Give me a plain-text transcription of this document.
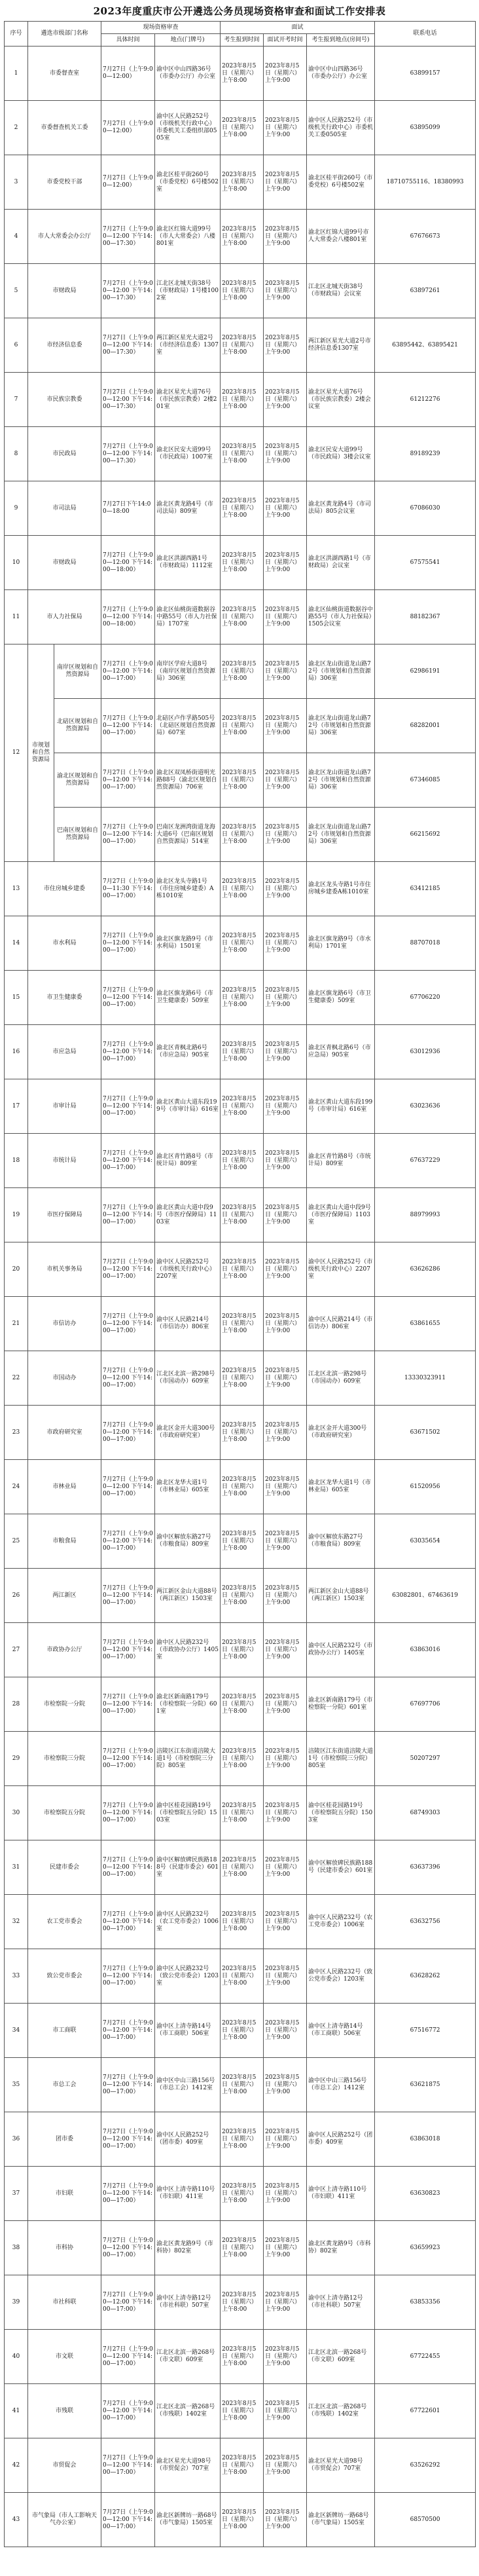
2023年度重庆市公开遴选公务员现场资格审查和面试工作安排表
序号	遴选市级部门名称		现场资格审查		面试			联系电话
			具体时间	地点(门牌号)	考生报到时间	面试开考时间	考生报到地点(房间号)	
1	市委督查室		7月27日（上午9:00—12:00）	渝中区中山四路36号（市委办公厅）办公室	2023年8月5日（星期六）上午8:00	2023年8月5日（星期六）上午9:00	渝中区中山四路36号（市委办公厅）办公室	63899157
2	市委督查机关工委		7月27日（上午9:00—12:00）	渝中区人民路252号（市级机关行政中心）市委机关工委组织部0505室	2023年8月5日（星期六）上午8:00	2023年8月5日（星期六）上午9:00	渝中区人民路252号（市级机关行政中心）市委机关工委0505室	63895099
3	市委党校干部		7月27日（上午9:00—12:00）	渝北区桂平街260号（市委党校）6号楼502室	2023年8月5日（星期六）上午8:00	2023年8月5日（星期六）上午9:00	渝北区桂平街260号（市委党校）6号楼502室	18710755116、18380993
4	市人大常委会办公厅		7月27日（上午9:00—12:00 下午14:00—17:30）	渝北区红锦大道99号（市人大常委会）八楼801室	2023年8月5日（星期六）上午8:00	2023年8月5日（星期六）上午9:00	渝北区红锦大道99号市人大常委会八楼801室	67676673
5	市财政局		7月27日（上午9:00—12:00 下午14:00—17:30）	江北区北城天街38号（市财政局）1号楼1002室	2023年8月5日（星期六）上午8:00	2023年8月5日（星期六）上午9:00	江北区北城天街38号（市财政局）会议室	63897261
6	市经济信息委		7月27日（上午9:00—12:00 下午14:00—17:30）	两江新区星光大道2号（市经济信息委）1307室	2023年8月5日（星期六）上午8:00	2023年8月5日（星期六）上午9:00	两江新区星光大道2号市经济信息委1307室	63895442、63895421
7	市民族宗教委		7月27日（上午9:00—12:00 下午14:00—17:30）	渝北区星光大道76号（市民族宗教委）2楼201室	2023年8月5日（星期六）上午8:00	2023年8月5日（星期六）上午9:00	渝北区星光大道76号（市民族宗教委）2楼会议室	61212276
8	市民政局		7月27日（上午9:00—12:00 下午14:00—17:30）	渝北区民安大道99号（市民政局）1007室	2023年8月5日（星期六）上午8:00	2023年8月5日（星期六）上午9:00	渝北区民安大道99号（市民政局）3楼会议室	89189239
9	市司法局		7月27日下午14:00—18:00	渝北区黄龙路4号（市司法局）809室	2023年8月5日（星期六）上午8:00	2023年8月5日（星期六）上午9:00	渝北区黄龙路4号（市司法局）805会议室	67086030
10	市财政局		7月27日（上午9:00—12:00 下午14:00—18:00）	渝北区洪湖西路1号（市财政局）1112室	2023年8月5日（星期六）上午8:00	2023年8月5日（星期六）上午9:00	渝北区洪湖西路1号（市财政局）会议室	67575541
11	市人力社保局		7月27日（上午9:00—12:00 下午14:00—18:00）	渝北区仙桃街道数据谷中路55号（市人力社保局）1707室	2023年8月5日（星期六）上午8:00	2023年8月5日（星期六）上午9:00	渝北区仙桃街道数据谷中路55号（市人力社保局）1505会议室	88182367
12	市规划和自然资源局	南岸区规划和自然资源局	7月27日（上午9:00—12:00 下午14:00—17:00）	南岸区学府大道8号（南岸区规划自然资源局）306室	2023年8月5日（星期六）上午8:00	2023年8月5日（星期六）上午9:00	渝北区龙山街道龙山路72号（市规划和自然资源局）306室	62986191
		北碚区规划和自然资源局	7月27日（上午9:00—12:00 下午14:00—17:00）	北碚区卢作孚路505号（北碚区规划自然资源局）607室	2023年8月5日（星期六）上午8:00	2023年8月5日（星期六）上午9:00	渝北区龙山街道龙山路72号（市规划和自然资源局）306室	68282001
		渝北区规划和自然资源局	7月27日（上午9:00—12:00 下午14:00—17:00）	渝北区双凤桥街道明光路88号（渝北区规划自然资源局）706室	2023年8月5日（星期六）上午8:00	2023年8月5日（星期六）上午9:00	渝北区龙山街道龙山路72号（市规划和自然资源局）306室	67346085
		巴南区规划和自然资源局	7月27日（上午9:00—12:00 下午14:00—17:00）	巴南区龙洲湾街道龙海大道6号（巴南区规划自然资源局）514室	2023年8月5日（星期六）上午8:00	2023年8月5日（星期六）上午9:00	渝北区龙山街道龙山路72号（市规划和自然资源局）306室	66215692
13	市住房城乡建委		7月27日（上午9:00—11:30 下午14:00—17:00）	渝北区龙头寺路1号（市住房城乡建委）A栋1010室	2023年8月5日（星期六）上午8:00	2023年8月5日（星期六）上午9:00	渝北区龙头寺路1号市住房城乡建委A栋1010室	63412185
14	市水利局		7月27日（上午9:00—12:00 下午14:00—17:00）	渝北区旗龙路9号（市水利局）1501室	2023年8月5日（星期六）上午8:00	2023年8月5日（星期六）上午9:00	渝北区旗龙路9号（市水利局）1701室	88707018
15	市卫生健康委		7月27日（上午9:00—12:00 下午14:00—17:00）	渝北区旗龙路6号（市卫生健康委）509室	2023年8月5日（星期六）上午8:00	2023年8月5日（星期六）上午9:00	渝北区旗龙路6号（市卫生健康委）509室	67706220
16	市应急局		7月27日（上午9:00—12:00 下午14:00—17:00）	渝北区青枫北路6号（市应急局）905室	2023年8月5日（星期六）上午8:00	2023年8月5日（星期六）上午9:00	渝北区青枫北路6号（市应急局）905室	63012936
17	市审计局		7月27日（上午9:00—12:00 下午14:00—17:00）	渝北区黄山大道东段199号（市审计局）616室	2023年8月5日（星期六）上午8:00	2023年8月5日（星期六）上午9:00	渝北区黄山大道东段199号（市审计局）616室	63023636
18	市统计局		7月27日（上午9:00—12:00 下午14:00—17:00）	渝北区青竹路8号（市统计局）809室	2023年8月5日（星期六）上午8:00	2023年8月5日（星期六）上午9:00	渝北区青竹路8号（市统计局）809室	67637229
19	市医疗保障局		7月27日（上午9:00—12:00 下午14:00—17:00）	渝北区黄山大道中段9号（市医疗保障局）1103室	2023年8月5日（星期六）上午8:00	2023年8月5日（星期六）上午9:00	渝北区黄山大道中段9号（市医疗保障局）1103室	88979993
20	市机关事务局		7月27日（上午9:00—12:00 下午14:00—17:00）	渝中区人民路252号（市级机关行政中心）2207室	2023年8月5日（星期六）上午8:00	2023年8月5日（星期六）上午9:00	渝中区人民路252号（市级机关行政中心）2207室	63626286
21	市信访办		7月27日（上午9:00—12:00 下午14:00—17:00）	渝中区人民路214号（市信访办）806室	2023年8月5日（星期六）上午8:00	2023年8月5日（星期六）上午9:00	渝中区人民路214号（市信访办）806室	63861655
22	市国动办		7月27日（上午9:00—12:00 下午14:00—17:00）	江北区北滨一路298号（市国动办）609室	2023年8月5日（星期六）上午8:00	2023年8月5日（星期六）上午9:00	江北区北滨一路298号（市国动办）609室	13330323911
23	市政府研究室		7月27日（上午9:00—12:00 下午14:00—17:00）	渝北区金开大道300号（市政府研究室）	2023年8月5日（星期六）上午8:00	2023年8月5日（星期六）上午9:00	渝北区金开大道300号（市政府研究室）	63671502
24	市林业局		7月27日（上午9:00—12:00 下午14:00—17:00）	渝北区龙华大道1号（市林业局）605室	2023年8月5日（星期六）上午8:00	2023年8月5日（星期六）上午9:00	渝北区龙华大道1号（市林业局）605室	61520956
25	市粮食局		7月27日（上午9:00—12:00 下午14:00—17:00）	渝中区解放东路27号（市粮食局）809室	2023年8月5日（星期六）上午8:00	2023年8月5日（星期六）上午9:00	渝中区解放东路27号（市粮食局）809室	63035654
26	两江新区		7月27日（上午9:00—12:00 下午14:00—17:00）	两江新区金山大道88号（两江新区）1503室	2023年8月5日（星期六）上午8:00	2023年8月5日（星期六）上午9:00	两江新区金山大道88号（两江新区）1503室	63082801、67463619
27	市政协办公厅		7月27日（上午9:00—12:00 下午14:00—17:00）	渝中区人民路232号（市政协办公厅）1405室	2023年8月5日（星期六）上午8:00	2023年8月5日（星期六）上午9:00	渝中区人民路232号（市政协办公厅）1405室	63863016
28	市检察院一分院		7月27日（上午9:00—12:00 下午14:00—17:00）	渝北区新南路179号（市检察院一分院）601室	2023年8月5日（星期六）上午8:00	2023年8月5日（星期六）上午9:00	渝北区新南路179号（市检察院一分院）601室	67697706
29	市检察院三分院		7月27日（上午9:00—12:00 下午14:00—17:00）	涪陵区江东街道涪陵大道1号（市检察院三分院）805室	2023年8月5日（星期六）上午8:00	2023年8月5日（星期六）上午9:00	涪陵区江东街道涪陵大道1号（市检察院三分院）805室	50207297
30	市检察院五分院		7月27日（上午9:00—12:00 下午14:00—17:00）	渝中区桂花园路19号（市检察院五分院）1503室	2023年8月5日（星期六）上午8:00	2023年8月5日（星期六）上午9:00	渝中区桂花园路19号（市检察院五分院）1503室	68749303
31	民建市委会		7月27日（上午9:00—12:00 下午14:00—17:00）	渝中区解放碑民族路188号（民建市委会）601室	2023年8月5日（星期六）上午8:00	2023年8月5日（星期六）上午9:00	渝中区解放碑民族路188号（民建市委会）601室	63637396
32	农工党市委会		7月27日（上午9:00—12:00 下午14:00—17:00）	渝中区人民路232号（农工党市委会）1006室	2023年8月5日（星期六）上午8:00	2023年8月5日（星期六）上午9:00	渝中区人民路232号（农工党市委会）1006室	63632756
33	致公党市委会		7月27日（上午9:00—12:00 下午14:00—17:00）	渝中区人民路232号（致公党市委会）1203室	2023年8月5日（星期六）上午8:00	2023年8月5日（星期六）上午9:00	渝中区人民路232号（致公党市委会）1203室	63628262
34	市工商联		7月27日（上午9:00—12:00 下午14:00—17:00）	渝中区上清寺路14号（市工商联）506室	2023年8月5日（星期六）上午8:00	2023年8月5日（星期六）上午9:00	渝中区上清寺路14号（市工商联）506室	67516772
35	市总工会		7月27日（上午9:00—12:00 下午14:00—17:00）	渝中区中山三路156号（市总工会）1412室	2023年8月5日（星期六）上午8:00	2023年8月5日（星期六）上午9:00	渝中区中山三路156号（市总工会）1412室	63621875
36	团市委		7月27日（上午9:00—12:00 下午14:00—17:00）	渝中区人民路252号（团市委）409室	2023年8月5日（星期六）上午8:00	2023年8月5日（星期六）上午9:00	渝中区人民路252号（团市委）409室	63863018
37	市妇联		7月27日（上午9:00—12:00 下午14:00—17:00）	渝中区上清寺路110号（市妇联）411室	2023年8月5日（星期六）上午8:00	2023年8月5日（星期六）上午9:00	渝中区上清寺路110号（市妇联）411室	63630823
38	市科协		7月27日（上午9:00—12:00 下午14:00—17:00）	渝北区黄龙路9号（市科协）802室	2023年8月5日（星期六）上午8:00	2023年8月5日（星期六）上午9:00	渝北区黄龙路9号（市科协）802室	63659923
39	市社科联		7月27日（上午9:00—12:00 下午14:00—17:00）	渝中区上清寺路12号（市社科联）507室	2023年8月5日（星期六）上午8:00	2023年8月5日（星期六）上午9:00	渝中区上清寺路12号（市社科联）507室	63853356
40	市文联		7月27日（上午9:00—12:00 下午14:00—17:00）	江北区北滨一路268号（市文联）609室	2023年8月5日（星期六）上午8:00	2023年8月5日（星期六）上午9:00	江北区北滨一路268号（市文联）609室	67722455
41	市残联		7月27日（上午9:00—12:00 下午14:00—17:00）	江北区北滨一路268号（市残联）1402室	2023年8月5日（星期六）上午8:00	2023年8月5日（星期六）上午9:00	江北区北滨一路268号（市残联）1402室	67722601
42	市贸促会		7月27日（上午9:00—12:00 下午14:00—17:00）	渝北区星光大道98号（市贸促会）707室	2023年8月5日（星期六）上午8:00	2023年8月5日（星期六）上午9:00	渝北区星光大道98号（市贸促会）707室	63526292
43	市气象局（市人工影响天气办公室）		7月27日（上午9:00—12:00 下午14:00—17:00）	渝北区新牌坊一路68号（市气象局）1505室	2023年8月5日（星期六）上午8:00	2023年8月5日（星期六）上午9:00	渝北区新牌坊一路68号（市气象局）1505室	68570500
